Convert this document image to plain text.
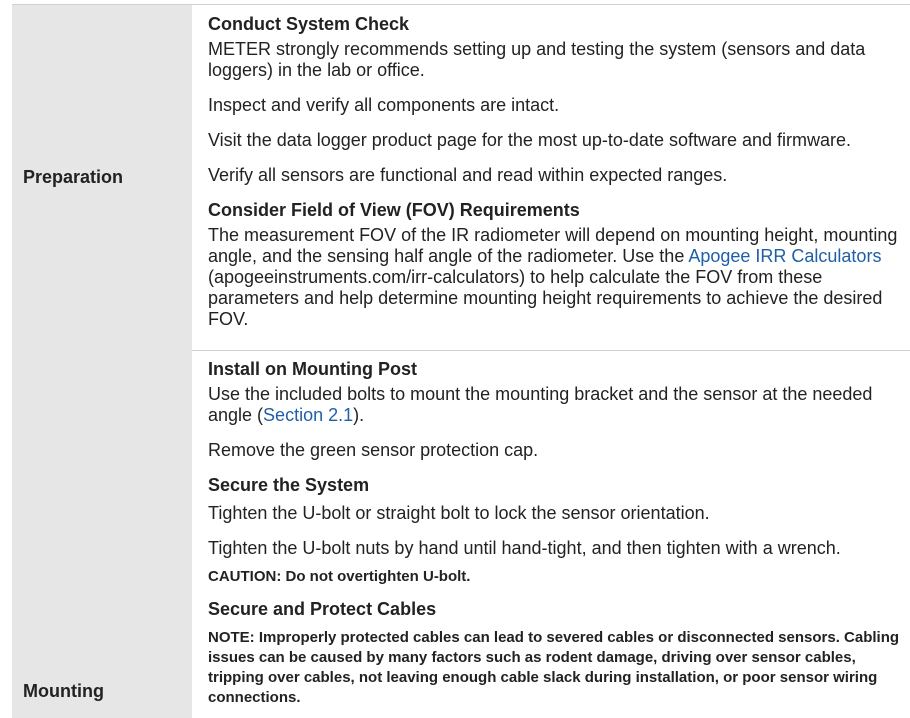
Preparation

Conduct System Check

METER strongly recommends setting up and testing the system (sensors and data loggers) in the lab or office.

Inspect and verify all components are intact.

Visit the data logger product page for the most up-to-date software and firmware.

Verify all sensors are functional and read within expected ranges.

Consider Field of View (FOV) Requirements

The measurement FOV of the IR radiometer will depend on mounting height, mounting angle, and the sensing half angle of the radiometer. Use the Apogee IRR Calculators (apogeeinstruments.com/irr-calculators) to help calculate the FOV from these parameters and help determine mounting height requirements to achieve the desired FOV.

Mounting

Install on Mounting Post

Use the included bolts to mount the mounting bracket and the sensor at the needed angle (Section 2.1).

Remove the green sensor protection cap.

Secure the System

Tighten the U-bolt or straight bolt to lock the sensor orientation.

Tighten the U-bolt nuts by hand until hand-tight, and then tighten with a wrench.

CAUTION: Do not overtighten U-bolt.

Secure and Protect Cables

NOTE: Improperly protected cables can lead to severed cables or disconnected sensors. Cabling issues can be caused by many factors such as rodent damage, driving over sensor cables, tripping over cables, not leaving enough cable slack during installation, or poor sensor wiring connections.
